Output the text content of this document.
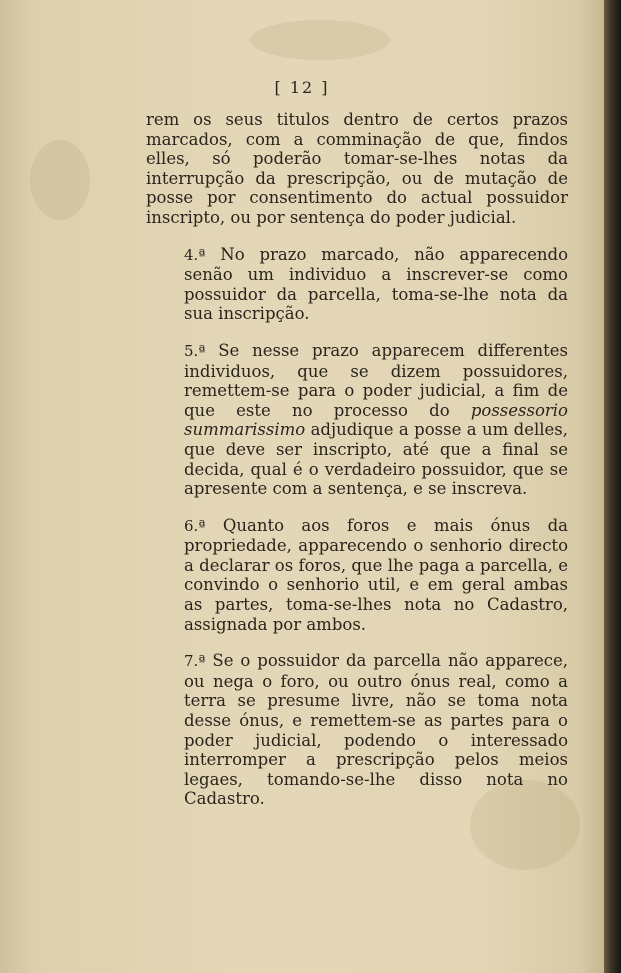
[ 12 ]

rem os seus titulos dentro de certos prazos marcados, com a comminação de que, findos elles, só poderão tomar-se-lhes notas da interrupção da prescripção, ou de mutação de posse por consentimento do actual possuidor inscripto, ou por sentença do poder judicial.

4.ª No prazo marcado, não apparecendo senão um individuo a inscrever-se como possuidor da parcella, toma-se-lhe nota da sua inscripção.

5.ª Se nesse prazo apparecem differentes individuos, que se dizem possuidores, remettem-se para o poder judicial, a fim de que este no processo do possessorio summarissimo adjudique a posse a um delles, que deve ser inscripto, até que a final se decida, qual é o verdadeiro possuidor, que se apresente com a sentença, e se inscreva.

6.ª Quanto aos foros e mais ónus da propriedade, apparecendo o senhorio directo a declarar os foros, que lhe paga a parcella, e convindo o senhorio util, e em geral ambas as partes, toma-se-lhes nota no Cadastro, assignada por ambos.

7.ª Se o possuidor da parcella não apparece, ou nega o foro, ou outro ónus real, como a terra se presume livre, não se toma nota desse ónus, e remettem-se as partes para o poder judicial, podendo o interessado interromper a prescripção pelos meios legaes, tomando-se-lhe disso nota no Cadastro.
